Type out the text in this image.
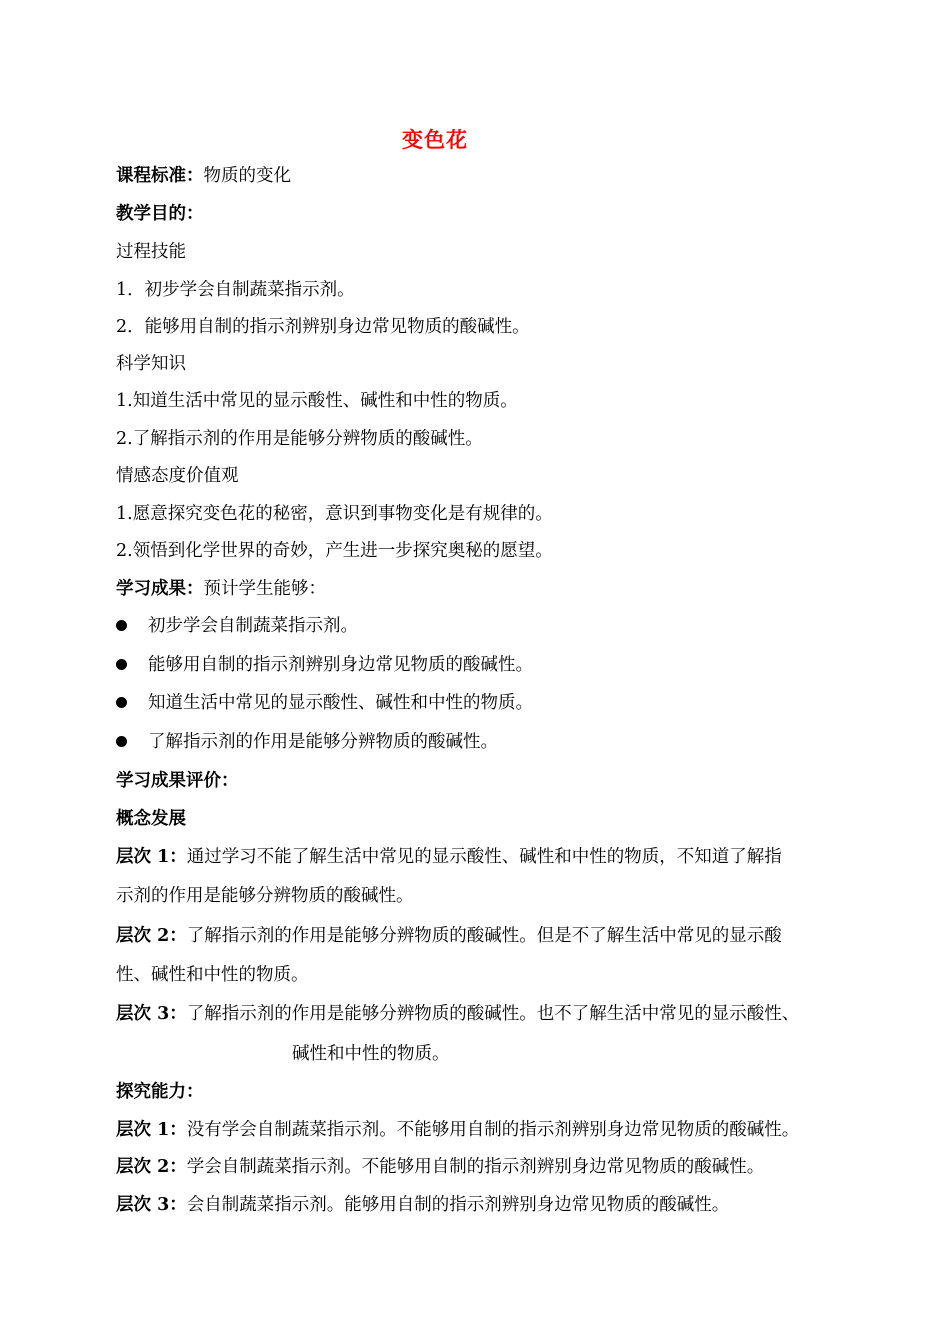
变色花
课程标准：物质的变化
教学目的：
过程技能
1．初步学会自制蔬菜指示剂。
2．能够用自制的指示剂辨别身边常见物质的酸碱性。
科学知识
1.知道生活中常见的显示酸性、碱性和中性的物质。
2.了解指示剂的作用是能够分辨物质的酸碱性。
情感态度价值观
1.愿意探究变色花的秘密，意识到事物变化是有规律的。
2.领悟到化学世界的奇妙，产生进一步探究奥秘的愿望。
学习成果：预计学生能够：
初步学会自制蔬菜指示剂。
能够用自制的指示剂辨别身边常见物质的酸碱性。
知道生活中常见的显示酸性、碱性和中性的物质。
了解指示剂的作用是能够分辨物质的酸碱性。
学习成果评价：
概念发展
层次 1：通过学习不能了解生活中常见的显示酸性、碱性和中性的物质，不知道了解指
示剂的作用是能够分辨物质的酸碱性。
层次 2：了解指示剂的作用是能够分辨物质的酸碱性。但是不了解生活中常见的显示酸
性、碱性和中性的物质。
层次 3：了解指示剂的作用是能够分辨物质的酸碱性。也不了解生活中常见的显示酸性、
碱性和中性的物质。
探究能力：
层次 1：没有学会自制蔬菜指示剂。不能够用自制的指示剂辨别身边常见物质的酸碱性。
层次 2：学会自制蔬菜指示剂。不能够用自制的指示剂辨别身边常见物质的酸碱性。
层次 3：会自制蔬菜指示剂。能够用自制的指示剂辨别身边常见物质的酸碱性。
